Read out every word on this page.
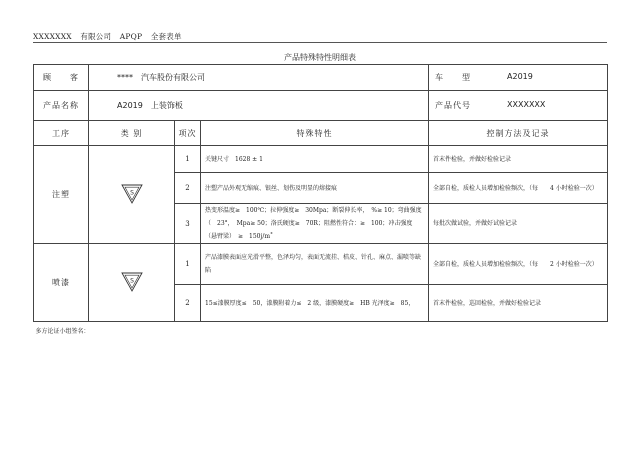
XXXXXXX 有限公司 APQP 全套表单
产品特殊特性明细表
顾　　客	****　汽车股份有限公司			车　　型 A2019

产品名称	A2019　上装饰板			产品代号 XXXXXXX

工序	类 别	项次	特殊特性	控制方法及记录
注塑	S	1	关键尺寸　1628 ± 1	首末件检验，并做好检验记录
		2	注塑产品外观无缩痕、银丝、划伤及明显的熔接痕	全部自检，质检人员增加检验频次，（每　　4 小时检验一次）
		3	热变形温度≥　100℃；拉伸强度≥　30Mpa；断裂伸长率，　%≥ 10；弯曲强度（　23°，　Mpa≥ 50；洛氏硬度≥　70R；阻燃性符合：≥　100；冲击强度（悬臂梁）　≥　150j/m˚	每批次做试验，并做好试验记录
喷漆	S	1	产品漆膜表面应光滑平整，色泽均匀，表面无流挂、桔皮、针孔、麻点、漏喷等缺陷	全部自检，质检人员增加检验频次，（每　　2 小时检验一次）
		2	15≤漆膜厚度≤　50，漆膜附着力≤　2 级，漆膜硬度≥　HB 光泽度≥　85，	首末件检验，巡回检验，并做好检验记录
多方论证小组签名：				
